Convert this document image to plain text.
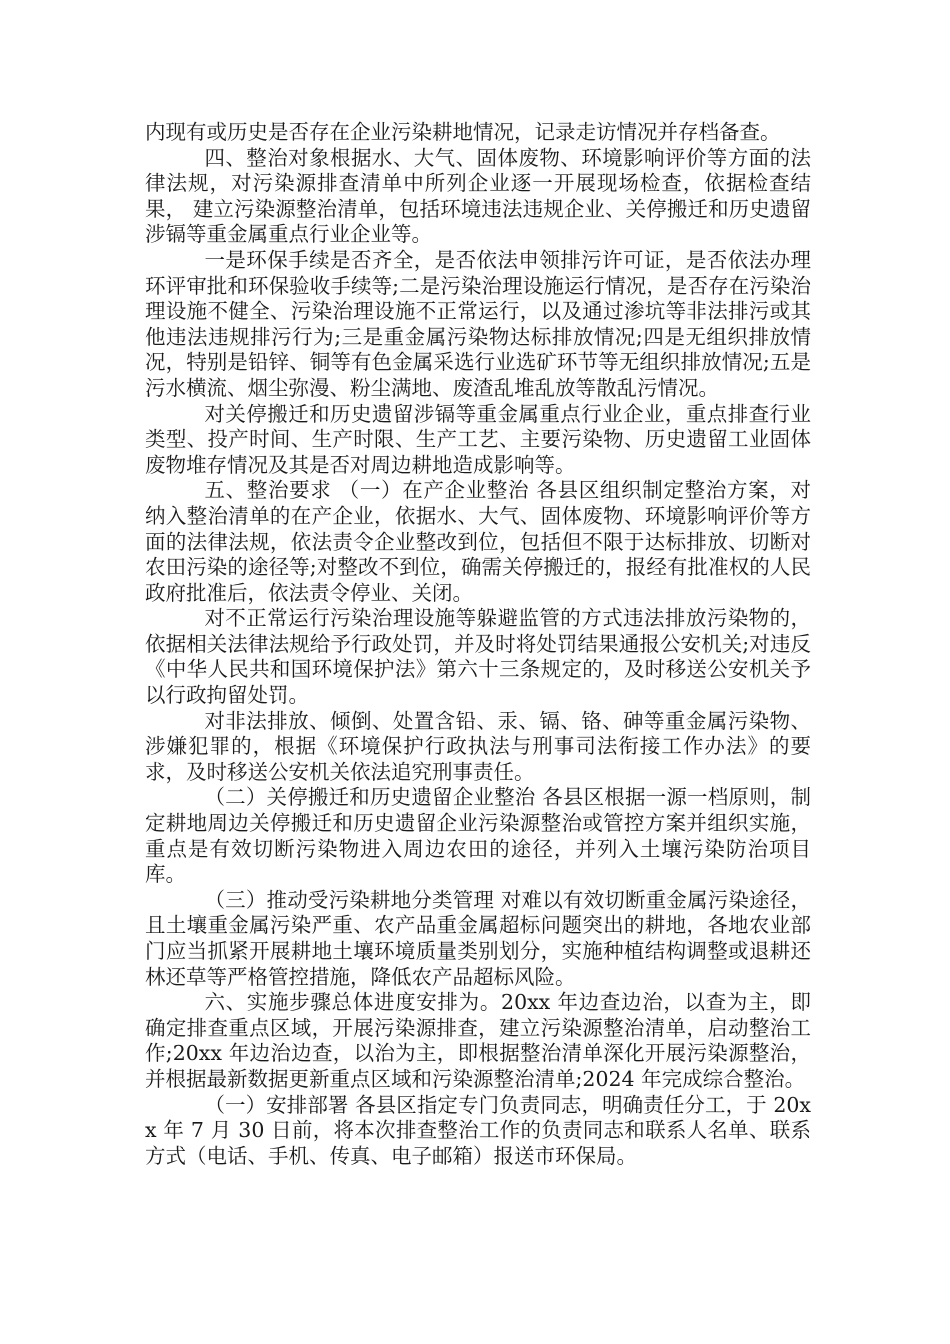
内现有或历史是否存在企业污染耕地情况，记录走访情况并存档备查。

四、整治对象根据水、大气、固体废物、环境影响评价等方面的法律法规，对污染源排查清单中所列企业逐一开展现场检查，依据检查结果， 建立污染源整治清单，包括环境违法违规企业、关停搬迁和历史遗留涉镉等重金属重点行业企业等。

一是环保手续是否齐全，是否依法申领排污许可证，是否依法办理环评审批和环保验收手续等;二是污染治理设施运行情况，是否存在污染治理设施不健全、污染治理设施不正常运行，以及通过渗坑等非法排污或其他违法违规排污行为;三是重金属污染物达标排放情况;四是无组织排放情况，特别是铅锌、铜等有色金属采选行业选矿环节等无组织排放情况;五是污水横流、烟尘弥漫、粉尘满地、废渣乱堆乱放等散乱污情况。

对关停搬迁和历史遗留涉镉等重金属重点行业企业，重点排查行业类型、投产时间、生产时限、生产工艺、主要污染物、历史遗留工业固体废物堆存情况及其是否对周边耕地造成影响等。

五、整治要求 （一）在产企业整治 各县区组织制定整治方案，对纳入整治清单的在产企业，依据水、大气、固体废物、环境影响评价等方面的法律法规，依法责令企业整改到位，包括但不限于达标排放、切断对农田污染的途径等;对整改不到位，确需关停搬迁的，报经有批准权的人民政府批准后，依法责令停业、关闭。

对不正常运行污染治理设施等躲避监管的方式违法排放污染物的，依据相关法律法规给予行政处罚，并及时将处罚结果通报公安机关;对违反《中华人民共和国环境保护法》第六十三条规定的，及时移送公安机关予以行政拘留处罚。

对非法排放、倾倒、处置含铅、汞、镉、铬、砷等重金属污染物、涉嫌犯罪的，根据《环境保护行政执法与刑事司法衔接工作办法》的要求，及时移送公安机关依法追究刑事责任。

（二）关停搬迁和历史遗留企业整治 各县区根据一源一档原则，制定耕地周边关停搬迁和历史遗留企业污染源整治或管控方案并组织实施，重点是有效切断污染物进入周边农田的途径，并列入土壤污染防治项目库。

（三）推动受污染耕地分类管理 对难以有效切断重金属污染途径，且土壤重金属污染严重、农产品重金属超标问题突出的耕地，各地农业部门应当抓紧开展耕地土壤环境质量类别划分，实施种植结构调整或退耕还林还草等严格管控措施，降低农产品超标风险。

六、实施步骤总体进度安排为。20xx 年边查边治，以查为主，即确定排查重点区域，开展污染源排查，建立污染源整治清单，启动整治工作;20xx 年边治边查，以治为主，即根据整治清单深化开展污染源整治，并根据最新数据更新重点区域和污染源整治清单;2024 年完成综合整治。

（一）安排部署 各县区指定专门负责同志，明确责任分工，于 20xx 年 7 月 30 日前，将本次排查整治工作的负责同志和联系人名单、联系方式（电话、手机、传真、电子邮箱）报送市环保局。
